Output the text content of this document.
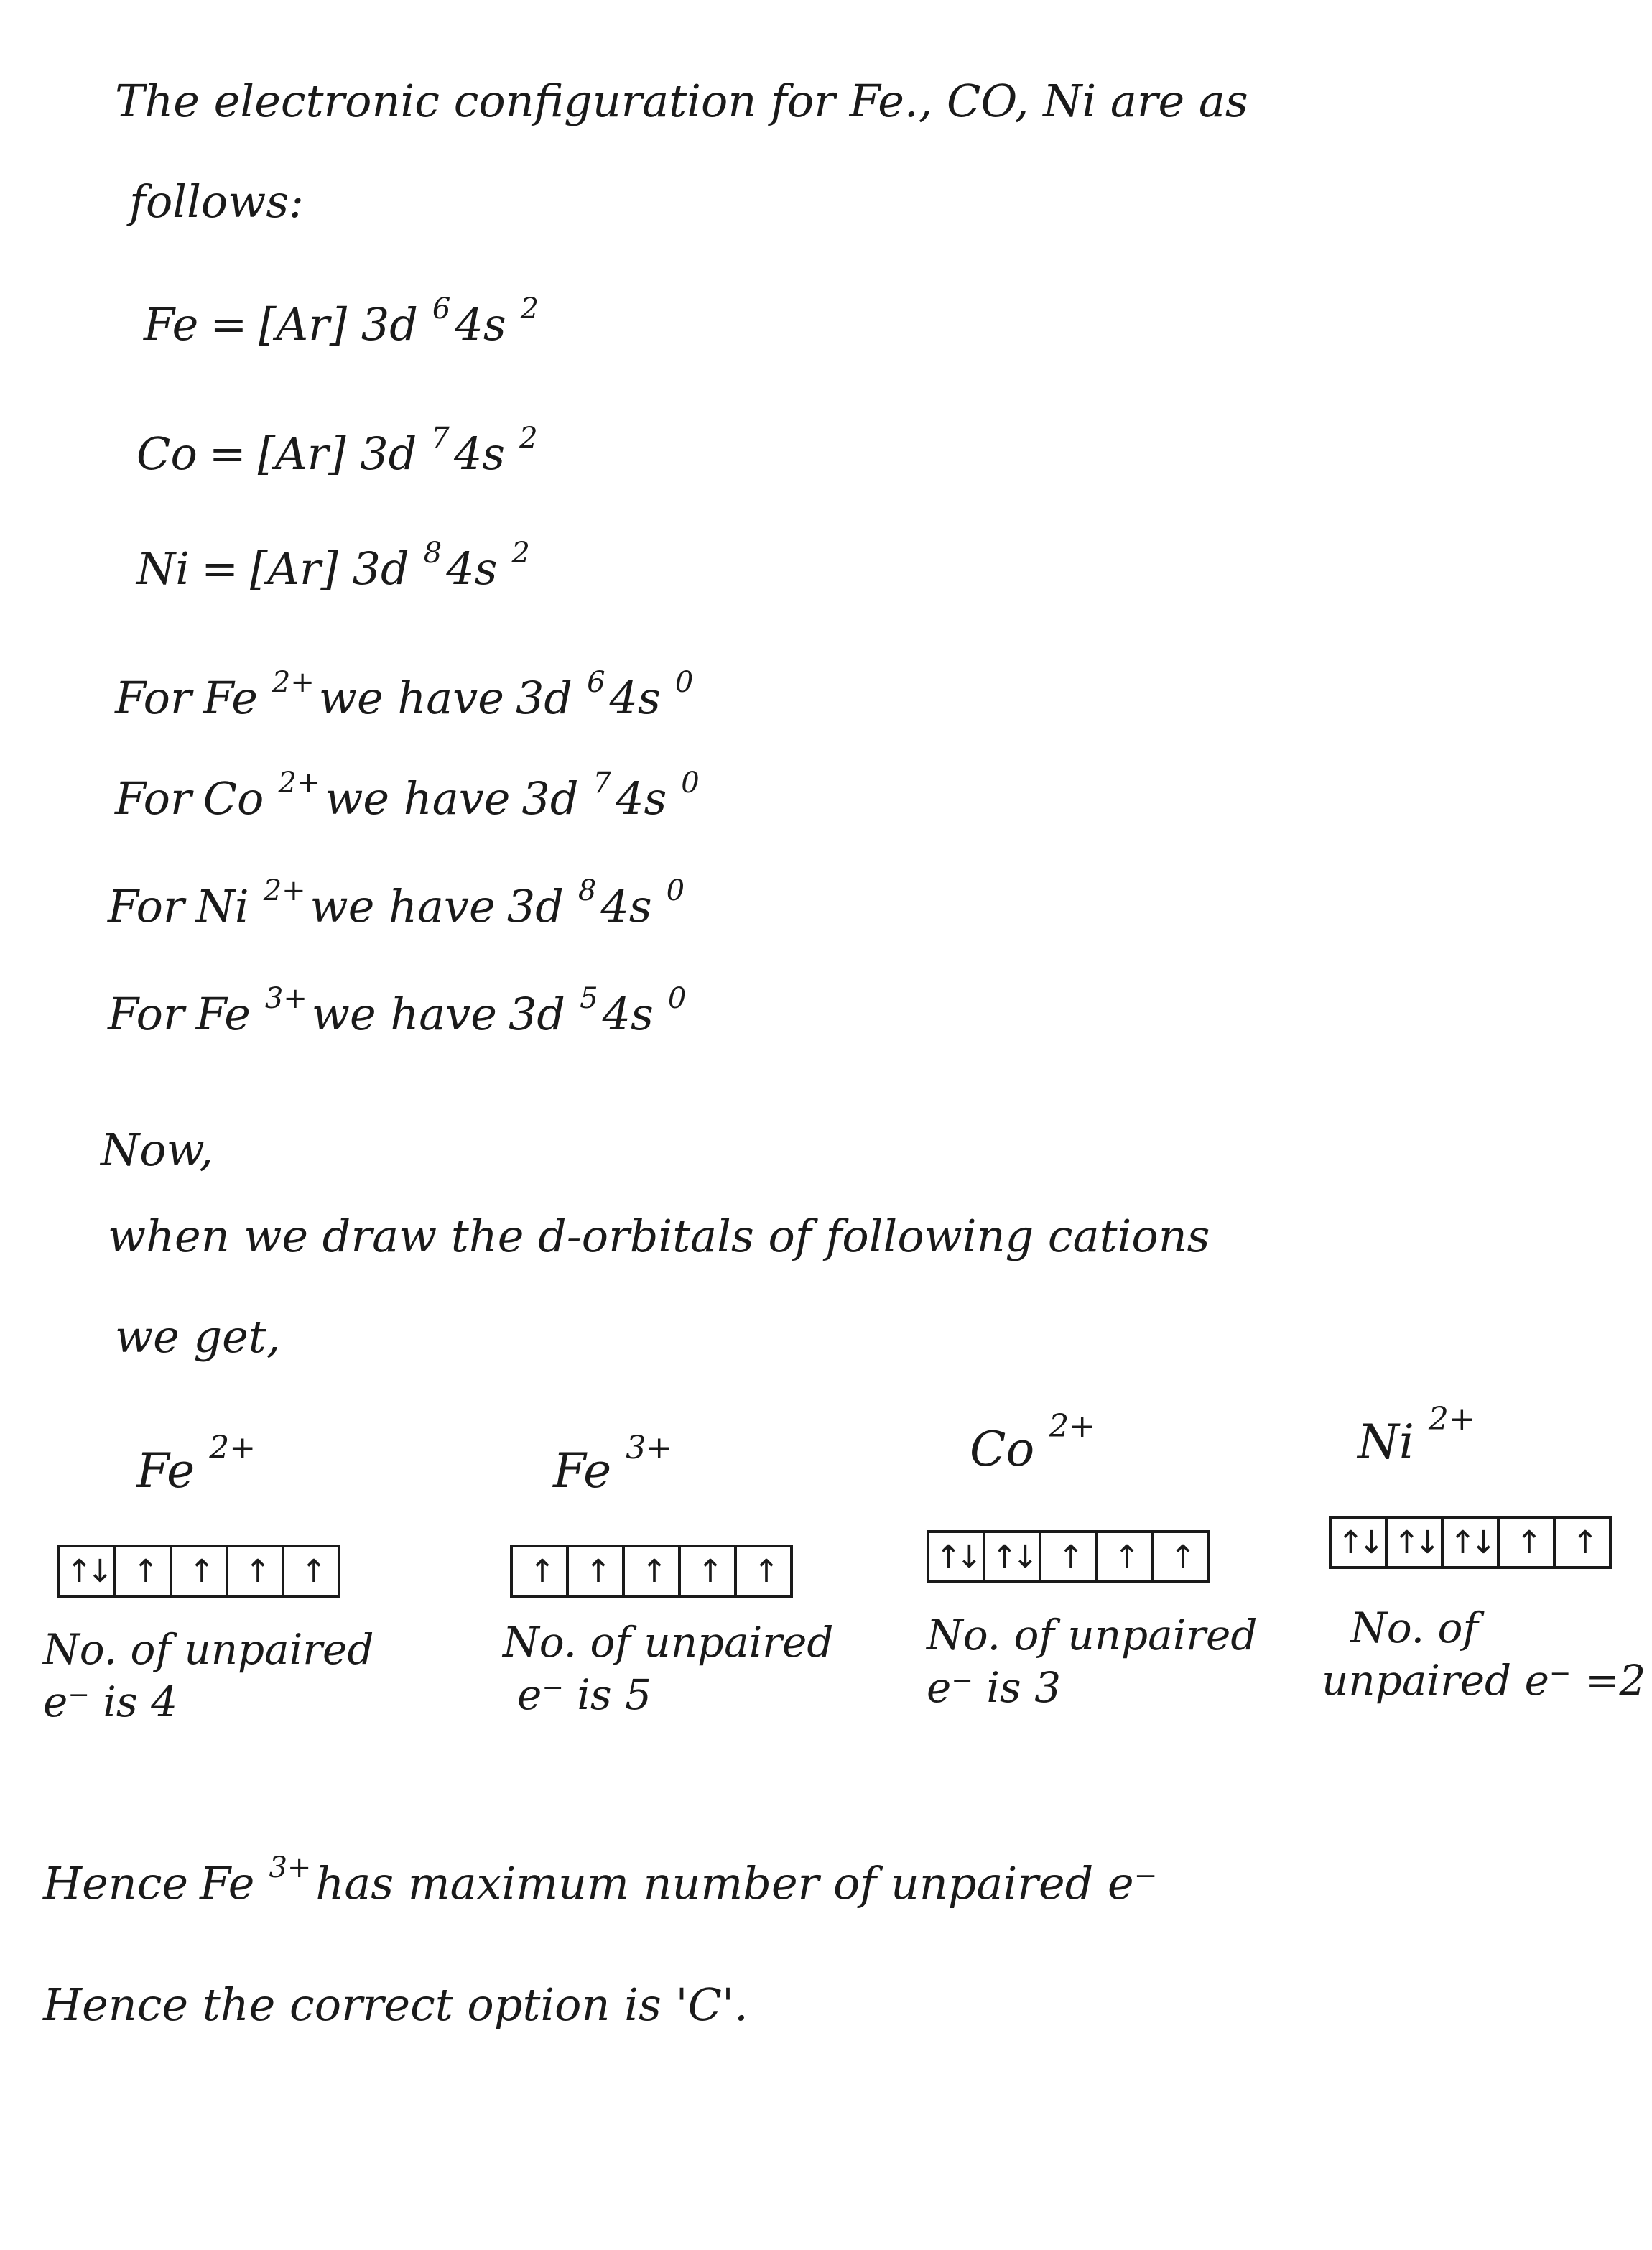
The electronic configuration for Fe., CO, Ni are as
follows:
Fe = [Ar] 3d $^6$4s $^2$
Co = [Ar] 3d $^7$4s $^2$
Ni = [Ar] 3d $^8$4s $^2$
For Fe $^{2+}$we have 3d $^6$4s $^0$
For Co $^{2+}$we have 3d $^7$4s $^0$
For Ni $^{2+}$we have 3d $^8$4s $^0$
For Fe $^{3+}$we have 3d $^5$4s $^0$
Now,
when we draw the d-orbitals of following cations
we get,
Fe $^{2+}$	Fe $^{3+}$	Co $^{2+}$	Ni $^{2+}$
↑↓ ↑	↑	↑	↑	↑	↑	↑	↑	↑	↑↓ ↑↓ ↑	↑	↑	↑↓ ↑↓ ↑↓ ↑	↑
No. of unpaired
e⁻ is 4
No. of unpaired
e⁻ is 5
No. of unpaired
e⁻ is 3
No. of
unpaired e⁻ =2
Hence Fe $^{3+}$has maximum number of unpaired e⁻
Hence the correct option is 'C'.
